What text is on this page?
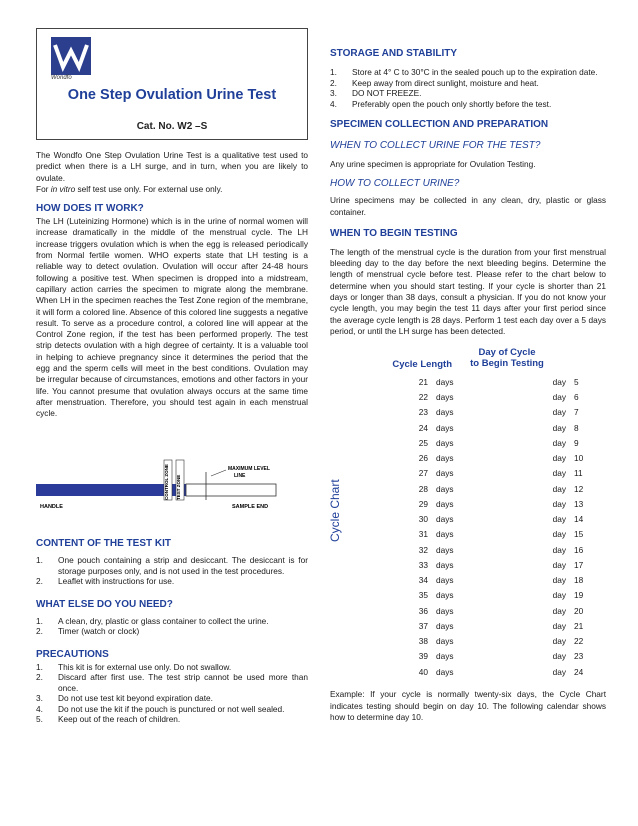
Wondfo
One Step Ovulation Urine Test
Cat. No. W2 –S

The Wondfo One Step Ovulation Urine Test is a qualitative test used to predict when there is a LH surge, and in turn, when you are likely to ovulate.

For in vitro self test use only. For external use only.

HOW DOES IT WORK?

The LH (Luteinizing Hormone) which is in the urine of normal women will increase dramatically in the middle of the menstrual cycle. The LH increase triggers ovulation which is when the egg is released periodically from Normal fertile women. WHO experts state that LH testing is a reliable way to detect ovulation. Ovulation will occur after 24-48 hours following a positive test. When specimen is dropped into a midstream, capillary action carries the specimen to migrate along the membrane. When LH in the specimen reaches the Test Zone region of the membrane, it will form a colored line. Absence of this colored line suggests a negative result. To serve as a procedure control, a colored line will appear at the Control Zone region, if the test has been performed properly. The test strip detects ovulation with a high degree of certainty. It is a valuable tool in helping to achieve pregnancy since it determines the period that the egg and the sperm cells will meet in the best conditions. Ovulation may be irregular because of circumstances, emotions and other factors in your life. You cannot presume that ovulation always occurs at the same time after menstruation. Therefore, you should test again in each menstrual cycle.

CONTROL ZONE TEST ZONE
HANDLE
MAXIMUM LEVEL
LINE
SAMPLE END
CONTENT OF THE TEST KIT
1.	One pouch containing a strip and desiccant. The desiccant is for storage purposes only, and is not used in the test procedures.
2.	Leaflet with instructions for use.
WHAT ELSE DO YOU NEED?
1.	A clean, dry, plastic or glass container to collect the urine.
2.	Timer (watch or clock)
PRECAUTIONS
1.	This kit is for external use only. Do not swallow.
2.	Discard after first use. The test strip cannot be used more than once.
3.	Do not use test kit beyond expiration date.
4.	Do not use the kit if the pouch is punctured or not well sealed.
5.	Keep out of the reach of children.
STORAGE AND STABILITY
1.	Store at 4° C to 30°C in the sealed pouch up to the expiration date.
2.	Keep away from direct sunlight, moisture and heat.
3.	DO NOT FREEZE.
4.	Preferably open the pouch only shortly before the test.
SPECIMEN COLLECTION AND PREPARATION
WHEN TO COLLECT URINE FOR THE TEST?

Any urine specimen is appropriate for Ovulation Testing.

HOW TO COLLECT URINE?

Urine specimens may be collected in any clean, dry, plastic or glass container.

WHEN TO BEGIN TESTING

The length of the menstrual cycle is the duration from your first menstrual bleeding day to the day before the next bleeding begins. Determine the length of menstrual cycle before test. Please refer to the chart below to determine when you should start testing. If your cycle is shorter than 21 days or longer than 38 days, consult a physician. If you do not know your cycle length, you may begin the test 11 days after your first period since the average cycle length is 28 days. Perform 1 test each day over a 5 days period, or until the LH surge has been detected.

Cycle Chart
Cycle Length
Day of Cycle
to Begin Testing
21 days	day 5
22 days	day 6
23 days	day 7
24 days	day 8
25 days	day 9
26 days	day 10
27 days	day 11
28 days	day 12
29 days	day 13
30 days	day 14
31 days	day 15
32 days	day 16
33 days	day 17
34 days	day 18
35 days	day 19
36 days	day 20
37 days	day 21
38 days	day 22
39 days	day 23
40 days	day 24

Example: If your cycle is normally twenty-six days, the Cycle Chart indicates testing should begin on day 10. The following calendar shows how to determine day 10.
